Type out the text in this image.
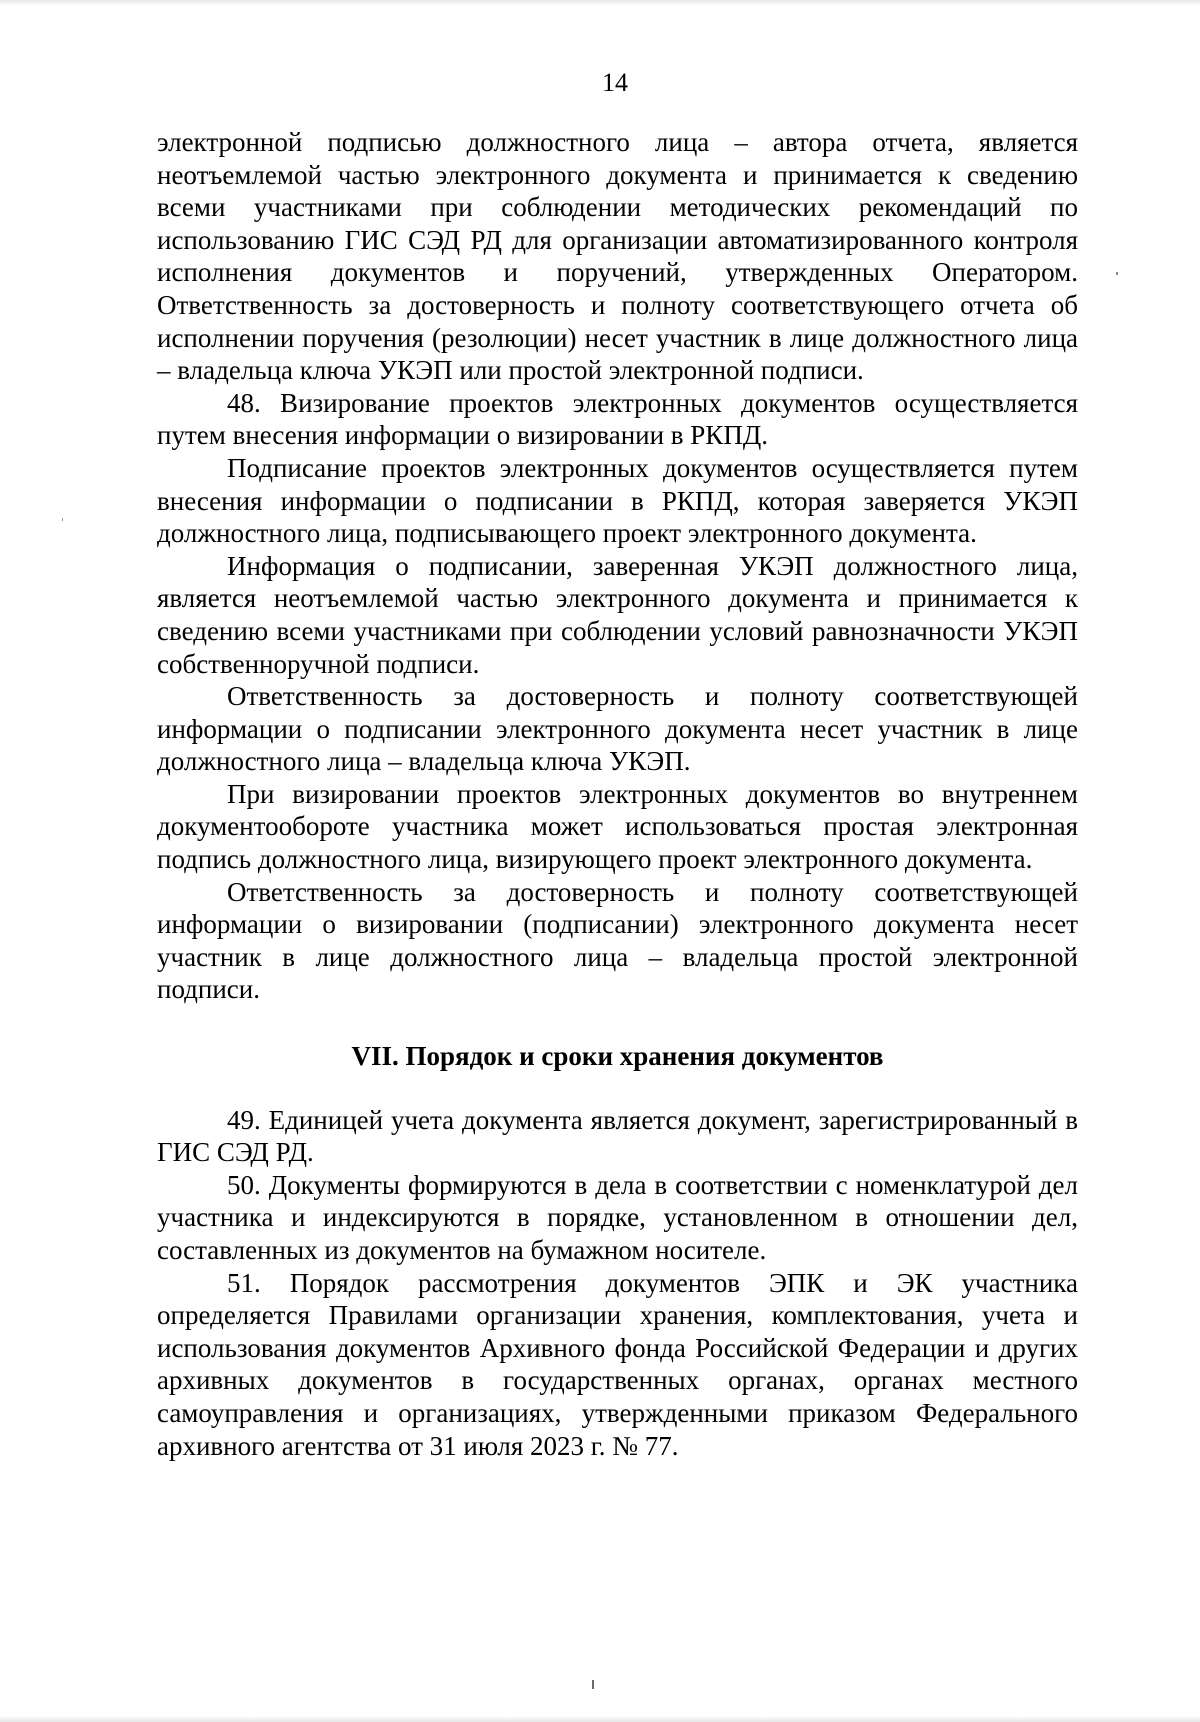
14

электронной подписью должностного лица – автора отчета, является неотъемлемой частью электронного документа и принимается к сведению всеми участниками при соблюдении методических рекомендаций по использованию ГИС СЭД РД для организации автоматизированного контроля исполнения документов и поручений, утвержденных Оператором. Ответственность за достоверность и полноту соответствующего отчета об исполнении поручения (резолюции) несет участник в лице должностного лица – владельца ключа УКЭП или простой электронной подписи.

48. Визирование проектов электронных документов осуществляется путем внесения информации о визировании в РКПД.

Подписание проектов электронных документов осуществляется путем внесения информации о подписании в РКПД, которая заверяется УКЭП должностного лица, подписывающего проект электронного документа.

Информация о подписании, заверенная УКЭП должностного лица, является неотъемлемой частью электронного документа и принимается к сведению всеми участниками при соблюдении условий равнозначности УКЭП собственноручной подписи.

Ответственность за достоверность и полноту соответствующей информации о подписании электронного документа несет участник в лице должностного лица – владельца ключа УКЭП.

При визировании проектов электронных документов во внутреннем документообороте участника может использоваться простая электронная подпись должностного лица, визирующего проект электронного документа.

Ответственность за достоверность и полноту соответствующей информации о визировании (подписании) электронного документа несет участник в лице должностного лица – владельца простой электронной подписи.

VII. Порядок и сроки хранения документов

49. Единицей учета документа является документ, зарегистрированный в ГИС СЭД РД.

50. Документы формируются в дела в соответствии с номенклатурой дел участника и индексируются в порядке, установленном в отношении дел, составленных из документов на бумажном носителе.

51. Порядок рассмотрения документов ЭПК и ЭК участника определяется Правилами организации хранения, комплектования, учета и использования документов Архивного фонда Российской Федерации и других архивных документов в государственных органах, органах местного самоуправления и организациях, утвержденными приказом Федерального архивного агентства от 31 июля 2023 г. № 77.
